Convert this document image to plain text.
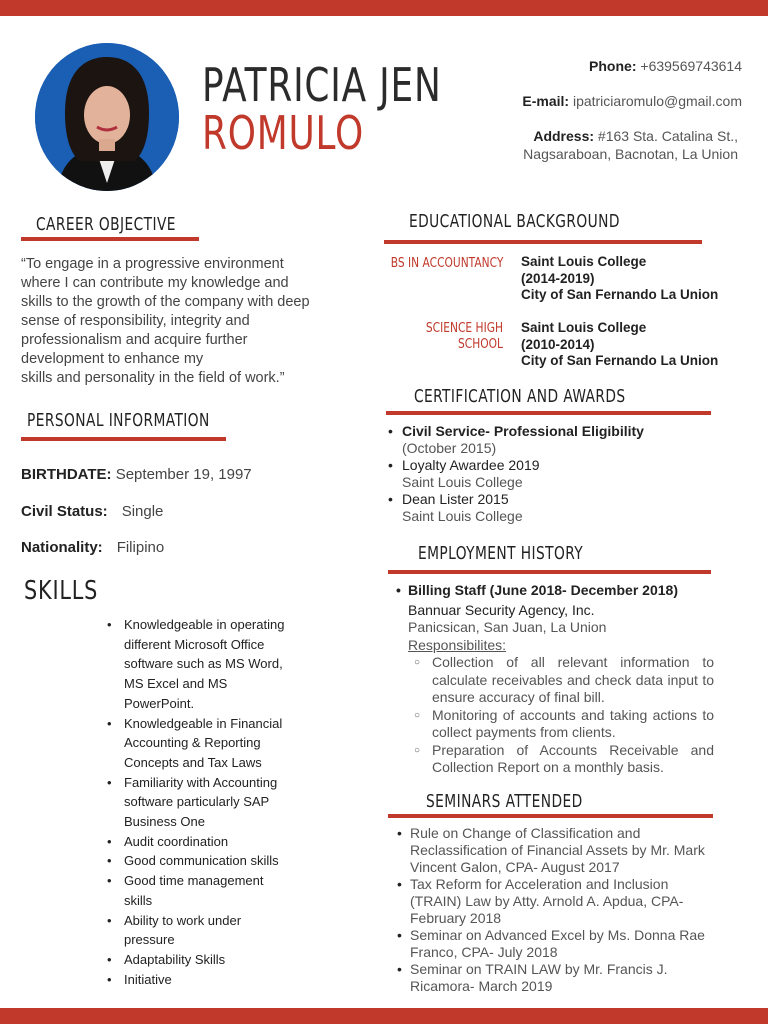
PATRICIA JEN
ROMULO
Phone: +639569743614
E-mail: ipatriciaromulo@gmail.com
Address: #163 Sta. Catalina St.,
Nagsaraboan, Bacnotan, La Union
CAREER OBJECTIVE
“To engage in a progressive environment
where I can contribute my knowledge and
skills to the growth of the company with deep
sense of responsibility, integrity and
professionalism and acquire further
development to enhance my
skills and personality in the field of work.”
PERSONAL INFORMATION
BIRTHDATE: September 19, 1997
Civil Status: Single
Nationality: Filipino
SKILLS
• Knowledgeable in operating
different Microsoft Office
software such as MS Word,
MS Excel and MS
PowerPoint.
• Knowledgeable in Financial
Accounting & Reporting
Concepts and Tax Laws
• Familiarity with Accounting
software particularly SAP
Business One
• Audit coordination
• Good communication skills
• Good time management
skills
• Ability to work under
pressure
• Adaptability Skills
• Initiative
EDUCATIONAL BACKGROUND
BS IN ACCOUNTANCY Saint Louis College
(2014-2019)
City of San Fernando La Union
SCIENCE HIGH
SCHOOL
Saint Louis College
(2010-2014)
City of San Fernando La Union
CERTIFICATION AND AWARDS
• Civil Service- Professional Eligibility
(October 2015)
• Loyalty Awardee 2019
Saint Louis College
• Dean Lister 2015
Saint Louis College
EMPLOYMENT HISTORY
• Billing Staff (June 2018- December 2018)
Bannuar Security Agency, Inc.
Panicsican, San Juan, La Union
Responsibilites:
○ Collection of all relevant information to calculate receivables and check data input to ensure accuracy of final bill.
○ Monitoring of accounts and taking actions to collect payments from clients.
○ Preparation of Accounts Receivable and Collection Report on a monthly basis.
SEMINARS ATTENDED
• Rule on Change of Classification and Reclassification of Financial Assets by Mr. Mark Vincent Galon, CPA- August 2017
• Tax Reform for Acceleration and Inclusion (TRAIN) Law by Atty. Arnold A. Apdua, CPA- February 2018
• Seminar on Advanced Excel by Ms. Donna Rae Franco, CPA- July 2018
• Seminar on TRAIN LAW by Mr. Francis J. Ricamora- March 2019
